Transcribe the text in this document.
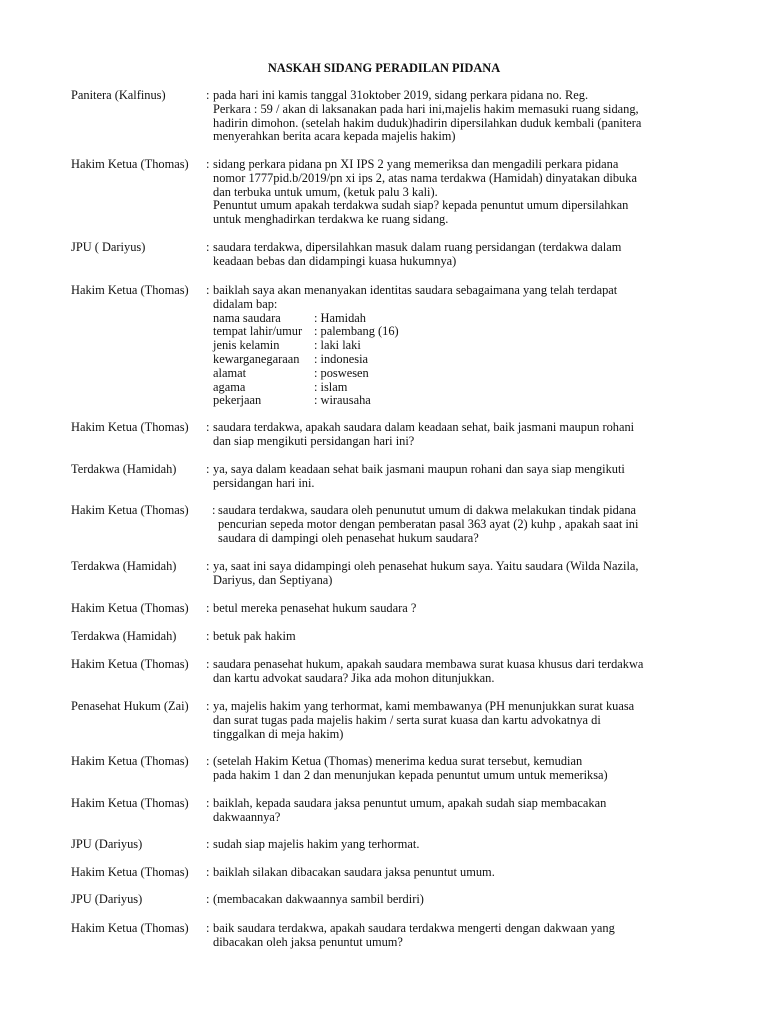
NASKAH SIDANG PERADILAN PIDANA
Panitera (Kalfinus)	: pada hari ini kamis tanggal 31oktober 2019, sidang perkara pidana no. Reg.
Perkara : 59 / akan di laksanakan pada hari ini,majelis hakim memasuki ruang sidang,
hadirin dimohon. (setelah hakim duduk)hadirin dipersilahkan duduk kembali (panitera
menyerahkan berita acara kepada majelis hakim)
Hakim Ketua (Thomas) : sidang perkara pidana pn XI IPS 2 yang memeriksa dan mengadili perkara pidana
nomor 1777pid.b/2019/pn xi ips 2, atas nama terdakwa (Hamidah) dinyatakan dibuka
dan terbuka untuk umum, (ketuk palu 3 kali).
Penuntut umum apakah terdakwa sudah siap? kepada penuntut umum dipersilahkan
untuk menghadirkan terdakwa ke ruang sidang.
JPU ( Dariyus)	: saudara terdakwa, dipersilahkan masuk dalam ruang persidangan (terdakwa dalam
keadaan bebas dan didampingi kuasa hukumnya)
Hakim Ketua (Thomas) : baiklah saya akan menanyakan identitas saudara sebagaimana yang telah terdapat
didalam bap:
nama saudara	: Hamidah
tempat lahir/umur : palembang (16)
jenis kelamin	: laki laki
kewarganegaraan : indonesia
alamat	: poswesen
agama	: islam
pekerjaan	: wirausaha
Hakim Ketua (Thomas) : saudara terdakwa, apakah saudara dalam keadaan sehat, baik jasmani maupun rohani
dan siap mengikuti persidangan hari ini?
Terdakwa (Hamidah) : ya, saya dalam keadaan sehat baik jasmani maupun rohani dan saya siap mengikuti
persidangan hari ini.
Hakim Ketua (Thomas) : saudara terdakwa, saudara oleh penunutut umum di dakwa melakukan tindak pidana
pencurian sepeda motor dengan pemberatan pasal 363 ayat (2) kuhp , apakah saat ini
saudara di dampingi oleh penasehat hukum saudara?
Terdakwa (Hamidah) : ya, saat ini saya didampingi oleh penasehat hukum saya. Yaitu saudara (Wilda Nazila,
Dariyus, dan Septiyana)
Hakim Ketua (Thomas) : betul mereka penasehat hukum saudara ?
Terdakwa (Hamidah) : betuk pak hakim
Hakim Ketua (Thomas) : saudara penasehat hukum, apakah saudara membawa surat kuasa khusus dari terdakwa
dan kartu advokat saudara? Jika ada mohon ditunjukkan.
Penasehat Hukum (Zai) : ya, majelis hakim yang terhormat, kami membawanya (PH menunjukkan surat kuasa
dan surat tugas pada majelis hakim / serta surat kuasa dan kartu advokatnya di
tinggalkan di meja hakim)
Hakim Ketua (Thomas) : (setelah Hakim Ketua (Thomas) menerima kedua surat tersebut, kemudian
pada hakim 1 dan 2 dan menunjukan kepada penuntut umum untuk memeriksa)
Hakim Ketua (Thomas) : baiklah, kepada saudara jaksa penuntut umum, apakah sudah siap membacakan
dakwaannya?
JPU (Dariyus)	: sudah siap majelis hakim yang terhormat.
Hakim Ketua (Thomas) : baiklah silakan dibacakan saudara jaksa penuntut umum.
JPU (Dariyus)	: (membacakan dakwaannya sambil berdiri)
Hakim Ketua (Thomas) : baik saudara terdakwa, apakah saudara terdakwa mengerti dengan dakwaan yang
dibacakan oleh jaksa penuntut umum?
